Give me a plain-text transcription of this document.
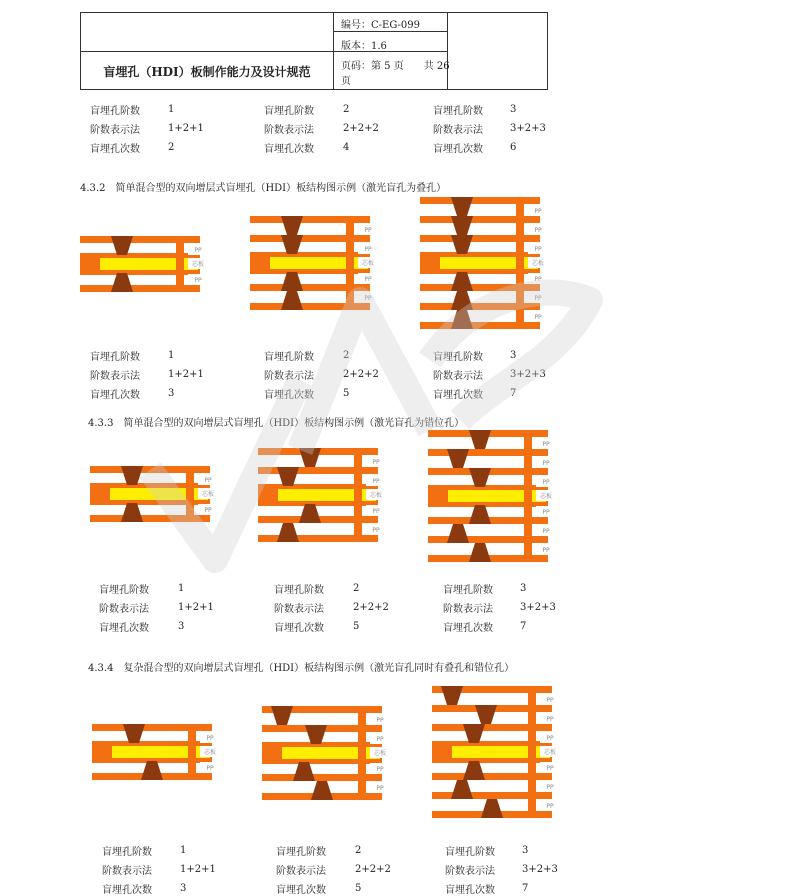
盲埋孔（HDI）板制作能力及设计规范
编号：C-EG-099
版本：1.6
页码：第 5 页　　共 26
页
盲埋孔阶数	1
阶数表示法	1+2+1
盲埋孔次数	2
盲埋孔阶数	2
阶数表示法	2+2+2
盲埋孔次数	4
盲埋孔阶数	3
阶数表示法	3+2+3
盲埋孔次数	6
盲埋孔阶数	1
阶数表示法	1+2+1
盲埋孔次数	3
盲埋孔阶数	2
阶数表示法	2+2+2
盲埋孔次数	5
盲埋孔阶数	3
阶数表示法	3+2+3
盲埋孔次数	7
盲埋孔阶数	1
阶数表示法	1+2+1
盲埋孔次数	3
盲埋孔阶数	2
阶数表示法	2+2+2
盲埋孔次数	5
盲埋孔阶数	3
阶数表示法	3+2+3
盲埋孔次数	7
盲埋孔阶数	1
阶数表示法	1+2+1
盲埋孔次数	3
盲埋孔阶数	2
阶数表示法	2+2+2
盲埋孔次数	5
盲埋孔阶数	3
阶数表示法	3+2+3
盲埋孔次数	7
4.3.2　简单混合型的双向增层式盲埋孔（HDI）板结构图示例（激光盲孔为叠孔）
4.3.3　简单混合型的双向增层式盲埋孔（HDI）板结构图示例（激光盲孔为错位孔）
4.3.4　复杂混合型的双向增层式盲埋孔（HDI）板结构图示例（激光盲孔同时有叠孔和错位孔）
PP
芯板
PP
PP
PP
芯板
PP
PP
PP
PP
PP
芯板
PP
PP
PP
PP
芯板
PP
PP
PP
芯板
PP
PP
PP
PP
PP
芯板
PP
PP
PP
PP
芯板
PP
PP
PP
芯板
PP
PP
PP
PP
PP
芯板
PP
PP
PP
